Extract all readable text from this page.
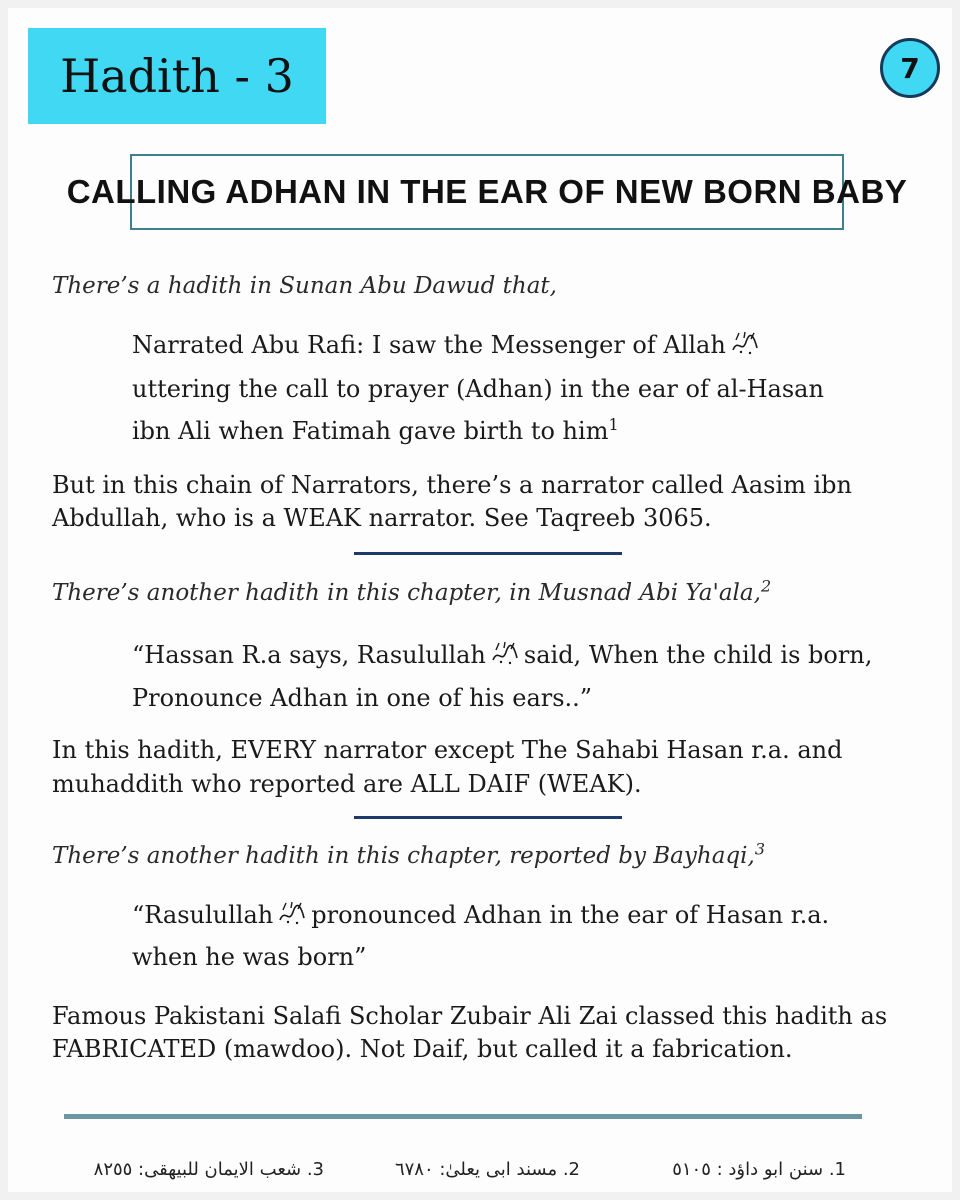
Hadith - 3	7
CALLING ADHAN IN THE EAR OF NEW BORN BABY
There’s a hadith in Sunan Abu Dawud that,
Narrated Abu Rafi: I saw the Messenger of Allah
uttering the call to prayer (Adhan) in the ear of al-Hasan
ibn Ali when Fatimah gave birth to him$^1$
But in this chain of Narrators, there’s a narrator called Aasim ibn
Abdullah, who is a WEAK narrator. See Taqreeb 3065.
There’s another hadith in this chapter, in Musnad Abi Ya'ala,$^2$
“Hassan R.a says, Rasulullah said, When the child is born,
Pronounce Adhan in one of his ears..”
In this hadith, EVERY narrator except The Sahabi Hasan r.a. and
muhaddith who reported are ALL DAIF (WEAK).
There’s another hadith in this chapter, reported by Bayhaqi,$^3$
“Rasulullah pronounced Adhan in the ear of Hasan r.a.
when he was born”
Famous Pakistani Salafi Scholar Zubair Ali Zai classed this hadith as
FABRICATED (mawdoo). Not Daif, but called it a fabrication.
1. سنن ابو داؤد : ٥١٠٥
2. مسند ابی یعلیٰ: ٦٧٨٠
3. شعب الایمان للبیهقی: ٨٢٥٥
